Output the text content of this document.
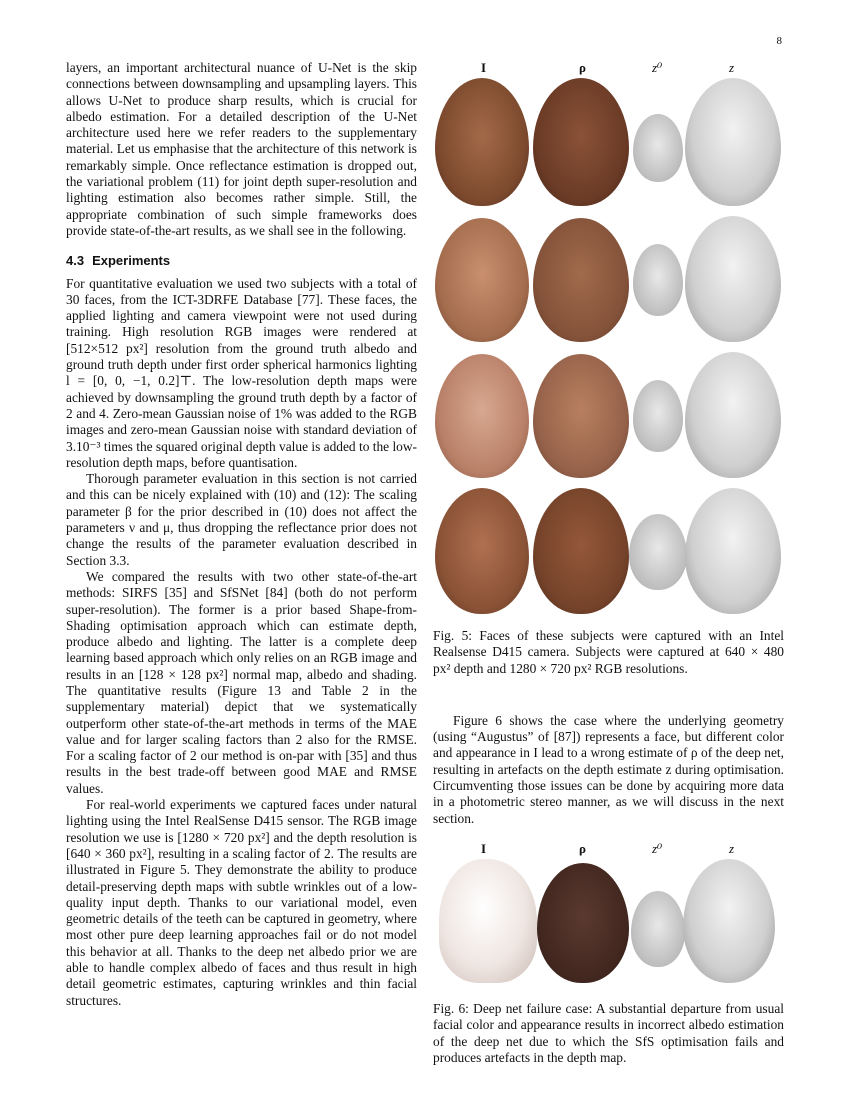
8

layers, an important architectural nuance of U-Net is the skip connections between downsampling and upsampling layers. This allows U-Net to produce sharp results, which is crucial for albedo estimation. For a detailed description of the U-Net architecture used here we refer readers to the supplementary material. Let us emphasise that the architecture of this network is remarkably simple. Once reflectance estimation is dropped out, the variational problem (11) for joint depth super-resolution and lighting estimation also becomes rather simple. Still, the appropriate combination of such simple frameworks does provide state-of-the-art results, as we shall see in the following.

4.3 Experiments

For quantitative evaluation we used two subjects with a total of 30 faces, from the ICT-3DRFE Database [77]. These faces, the applied lighting and camera viewpoint were not used during training. High resolution RGB images were rendered at [512×512 px²] resolution from the ground truth albedo and ground truth depth under first order spherical harmonics lighting l = [0, 0, −1, 0.2]⊤. The low-resolution depth maps were achieved by downsampling the ground truth depth by a factor of 2 and 4. Zero-mean Gaussian noise of 1% was added to the RGB images and zero-mean Gaussian noise with standard deviation of 3.10⁻³ times the squared original depth value is added to the low-resolution depth maps, before quantisation.

Thorough parameter evaluation in this section is not carried and this can be nicely explained with (10) and (12): The scaling parameter β for the prior described in (10) does not affect the parameters ν and μ, thus dropping the reflectance prior does not change the results of the parameter evaluation described in Section 3.3.

We compared the results with two other state-of-the-art methods: SIRFS [35] and SfSNet [84] (both do not perform super-resolution). The former is a prior based Shape-from-Shading optimisation approach which can estimate depth, produce albedo and lighting. The latter is a complete deep learning based approach which only relies on an RGB image and results in an [128 × 128 px²] normal map, albedo and shading. The quantitative results (Figure 13 and Table 2 in the supplementary material) depict that we systematically outperform other state-of-the-art methods in terms of the MAE value and for larger scaling factors than 2 also for the RMSE. For a scaling factor of 2 our method is on-par with [35] and thus results in the best trade-off between good MAE and RMSE values.

For real-world experiments we captured faces under natural lighting using the Intel RealSense D415 sensor. The RGB image resolution we use is [1280 × 720 px²] and the depth resolution is [640 × 360 px²], resulting in a scaling factor of 2. The results are illustrated in Figure 5. They demonstrate the ability to produce detail-preserving depth maps with subtle wrinkles out of a low-quality input depth. Thanks to our variational model, even geometric details of the teeth can be captured in geometry, where most other pure deep learning approaches fail or do not model this behavior at all. Thanks to the deep net albedo prior we are able to handle complex albedo of faces and thus result in high detail geometric estimates, capturing wrinkles and thin facial structures.

I	ρ	z⁰	z

Fig. 5: Faces of these subjects were captured with an Intel Realsense D415 camera. Subjects were captured at 640 × 480 px² depth and 1280 × 720 px² RGB resolutions.

Figure 6 shows the case where the underlying geometry (using “Augustus” of [87]) represents a face, but different color and appearance in I lead to a wrong estimate of ρ of the deep net, resulting in artefacts on the depth estimate z during optimisation. Circumventing those issues can be done by acquiring more data in a photometric stereo manner, as we will discuss in the next section.

I	ρ	z⁰	z

Fig. 6: Deep net failure case: A substantial departure from usual facial color and appearance results in incorrect albedo estimation of the deep net due to which the SfS optimisation fails and produces artefacts in the depth map.
